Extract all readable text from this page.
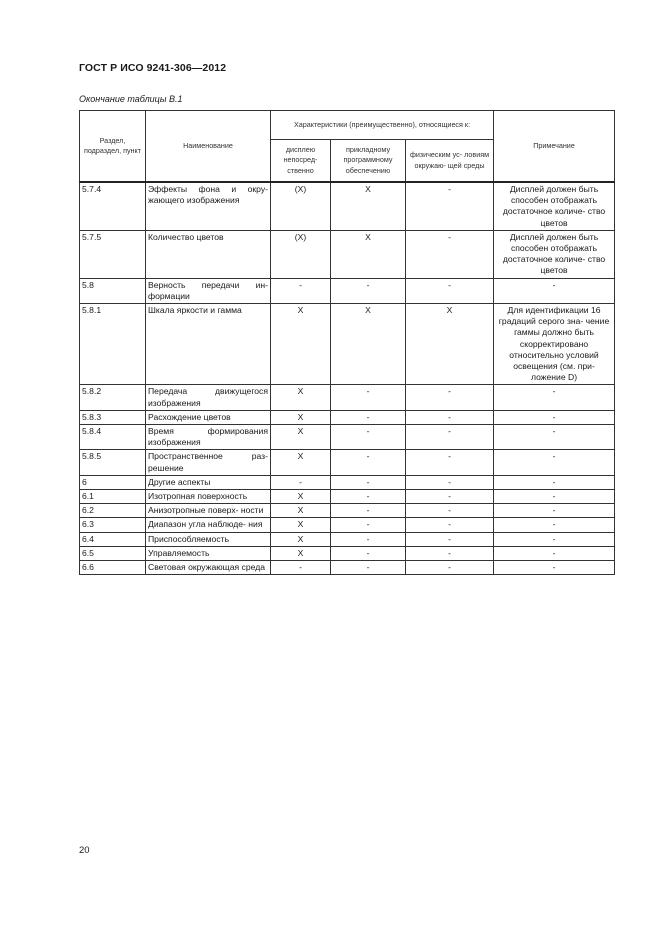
ГОСТ Р ИСО 9241-306—2012
Окончание таблицы В.1
Раздел, подраздел, пункт	Наименование	Характеристики (преимущественно), относящиеся к:			Примечание
		дисплею непосред- ственно	прикладному программному обеспечению	физическим ус- ловиям окружаю- щей среды	
5.7.4	Эффекты фона и окру- жающего изображения	(X)	X	-	Дисплей должен быть способен отображать достаточное количе- ство цветов
5.7.5	Количество цветов	(X)	X	-	Дисплей должен быть способен отображать достаточное количе- ство цветов
5.8	Верность передачи ин- формации	-	-	-	-
5.8.1	Шкала яркости и гамма	X	X	X	Для идентификации 16 градаций серого зна- чение гаммы должно быть скорректировано относительно условий освещения (см. при- ложение D)
5.8.2	Передача движущегося изображения	X	-	-	-
5.8.3	Расхождение цветов	X	-	-	-
5.8.4	Время формирования изображения	X	-	-	-
5.8.5	Пространственное раз- решение	X	-	-	-
6	Другие аспекты	-	-	-	-
6.1	Изотропная поверхность	X	-	-	-
6.2	Анизотропные поверх- ности	X	-	-	-
6.3	Диапазон угла наблюде- ния	X	-	-	-
6.4	Приспособляемость	X	-	-	-
6.5	Управляемость	X	-	-	-
6.6	Световая окружающая среда	-	-	-	-
20
